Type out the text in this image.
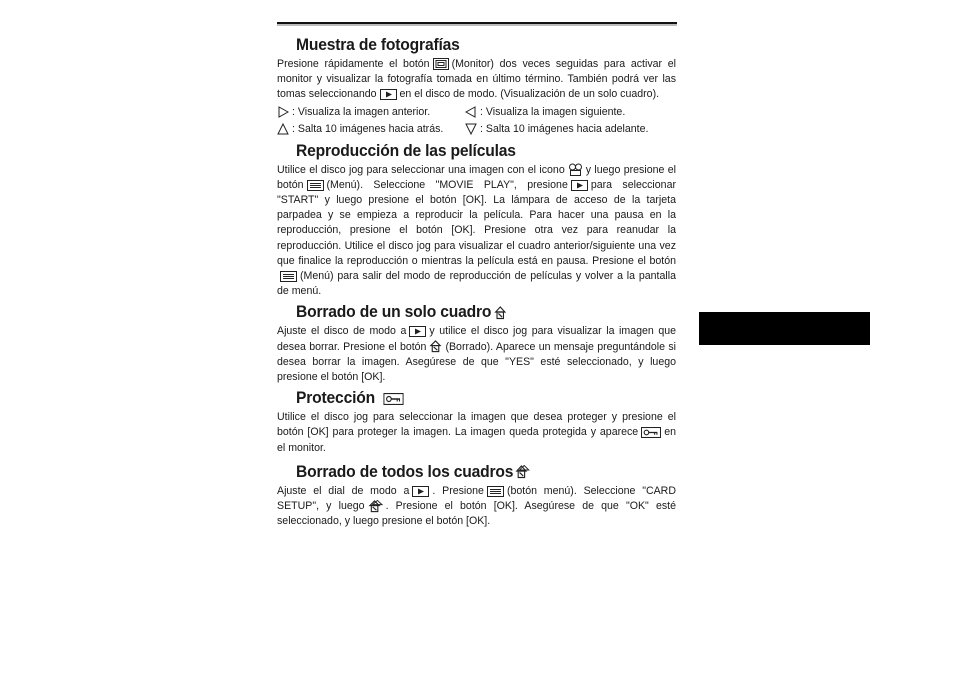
Muestra de fotografías

Presione rápidamente el botón (Monitor) dos veces seguidas para activar el monitor y visualizar la fotografía tomada en último término. También podrá ver las tomas seleccionando en el disco de modo. (Visualización de un solo cuadro).

: Visualiza la imagen anterior.	: Visualiza la imagen siguiente.
: Salta 10 imágenes hacia atrás.	: Salta 10 imágenes hacia adelante.
Reproducción de las películas

Utilice el disco jog para seleccionar una imagen con el icono y luego presione el botón (Menú). Seleccione "MOVIE PLAY", presione para seleccionar "START" y luego presione el botón [OK]. La lámpara de acceso de la tarjeta parpadea y se empieza a reproducir la película. Para hacer una pausa en la reproducción, presione el botón [OK]. Presione otra vez para reanudar la reproducción. Utilice el disco jog para visualizar el cuadro anterior/siguiente una vez que finalice la reproducción o mientras la película está en pausa. Presione el botón(Menú) para salir del modo de reproducción de películas y volver a la pantalla de menú.

Borrado de un solo cuadro

Ajuste el disco de modo a y utilice el disco jog para visualizar la imagen que desea borrar. Presione el botón (Borrado). Aparece un mensaje preguntándole si desea borrar la imagen. Asegúrese de que "YES" esté seleccionado, y luego presione el botón [OK].

Protección

Utilice el disco jog para seleccionar la imagen que desea proteger y presione el botón [OK] para proteger la imagen. La imagen queda protegida y aparece en el monitor.

Borrado de todos los cuadros

Ajuste el dial de modo a . Presione (botón menú). Seleccione "CARD SETUP", y luego . Presione el botón [OK]. Asegúrese de que "OK" esté seleccionado, y luego presione el botón [OK].
